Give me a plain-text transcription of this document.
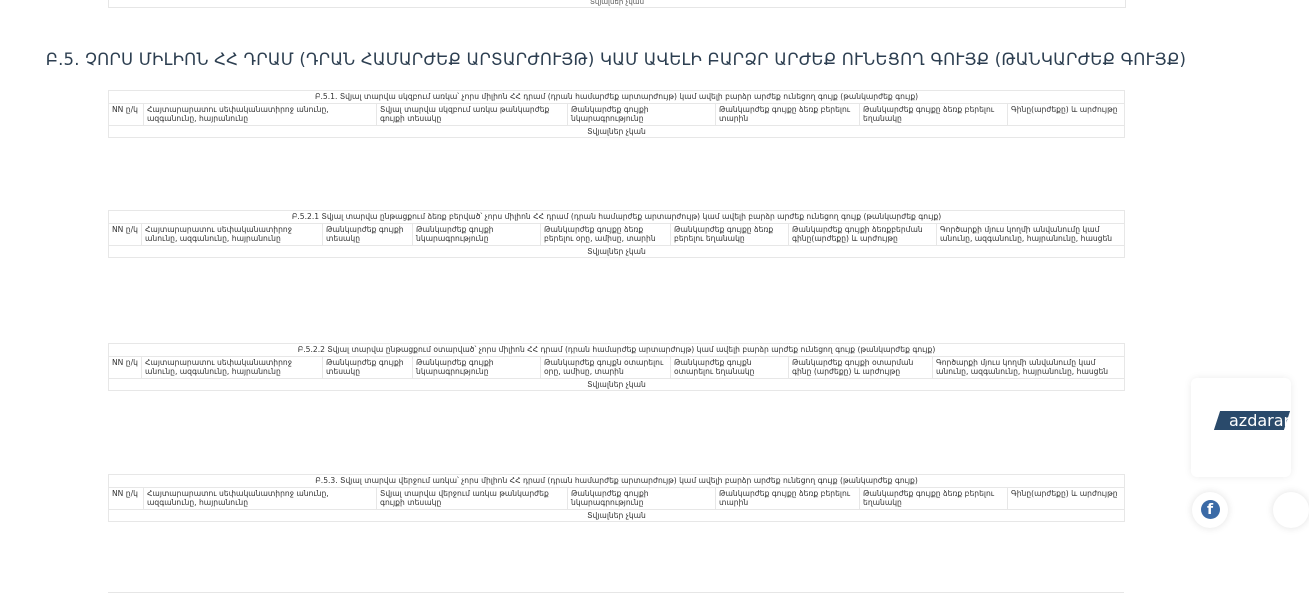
Տվյալներ չկան
Բ.5. ՉՈՐՍ ՄԻԼԻՈՆ ՀՀ ԴՐԱՄ (ԴՐԱՆ ՀԱՄԱՐԺԵՔ ԱՐՏԱՐԺՈՒՅԹ) ԿԱՄ ԱՎԵԼԻ ԲԱՐՁՐ ԱՐԺԵՔ ՈՒՆԵՑՈՂ ԳՈՒՅՔ (ԹԱՆԿԱՐԺԵՔ ԳՈՒՅՔ)
Բ.5.1. Տվյալ տարվա սկզբում առկա՝ չորս միլիոն ՀՀ դրամ (դրան համարժեք արտարժույթ) կամ ավելի բարձր արժեք ունեցող գույք (թանկարժեք գույք)
NN ը/կ	Հայտարարատու սեփականատիրոջ անունը, ազգանունը, հայրանունը	Տվյալ տարվա սկզբում առկա թանկարժեք գույքի տեսակը	Թանկարժեք գույքի նկարագրությունը	Թանկարժեք գույքը ձեռք բերելու տարին	Թանկարժեք գույքը ձեռք բերելու եղանակը	Գինը(արժեքը) և արժույթը
Տվյալներ չկան
Բ.5.2.1 Տվյալ տարվա ընթացքում ձեռք բերված՝ չորս միլիոն ՀՀ դրամ (դրան համարժեք արտարժույթ) կամ ավելի բարձր արժեք ունեցող գույք (թանկարժեք գույք)
NN ը/կ	Հայտարարատու սեփականատիրոջ անունը, ազգանունը, հայրանունը	Թանկարժեք գույքի տեսակը	Թանկարժեք գույքի նկարագրությունը	Թանկարժեք գույքը ձեռք բերելու օրը, ամիսը, տարին	Թանկարժեք գույքը ձեռք բերելու եղանակը	Թանկարժեք գույքի ձեռքբերման գինը(արժեքը) և արժույթը	Գործարքի մյուս կողմի անվանումը կամ անունը, ազգանունը, հայրանունը, հասցեն
Տվյալներ չկան
Բ.5.2.2 Տվյալ տարվա ընթացքում օտարված՝ չորս միլիոն ՀՀ դրամ (դրան համարժեք արտարժույթ) կամ ավելի բարձր արժեք ունեցող գույք (թանկարժեք գույք)
NN ը/կ	Հայտարարատու սեփականատիրոջ անունը, ազգանունը, հայրանունը	Թանկարժեք գույքի տեսակը	Թանկարժեք գույքի նկարագրությունը	Թանկարժեք գույքն օտարելու օրը, ամիսը, տարին	Թանկարժեք գույքն օտարելու եղանակը	Թանկարժեք գույքի օտարման գինը (արժեքը) և արժույթը	Գործարքի մյուս կողմի անվանումը կամ անունը, ազգանունը, հայրանունը, հասցեն
Տվյալներ չկան
Բ.5.3. Տվյալ տարվա վերջում առկա՝ չորս միլիոն ՀՀ դրամ (դրան համարժեք արտարժույթ) կամ ավելի բարձր արժեք ունեցող գույք (թանկարժեք գույք)
NN ը/կ	Հայտարարատու սեփականատիրոջ անունը, ազգանունը, հայրանունը	Տվյալ տարվա վերջում առկա թանկարժեք գույքի տեսակը	Թանկարժեք գույքի նկարագրությունը	Թանկարժեք գույքը ձեռք բերելու տարին	Թանկարժեք գույքը ձեռք բերելու եղանակը	Գինը(արժեքը) և արժույթը
Տվյալներ չկան
azdarar
f
